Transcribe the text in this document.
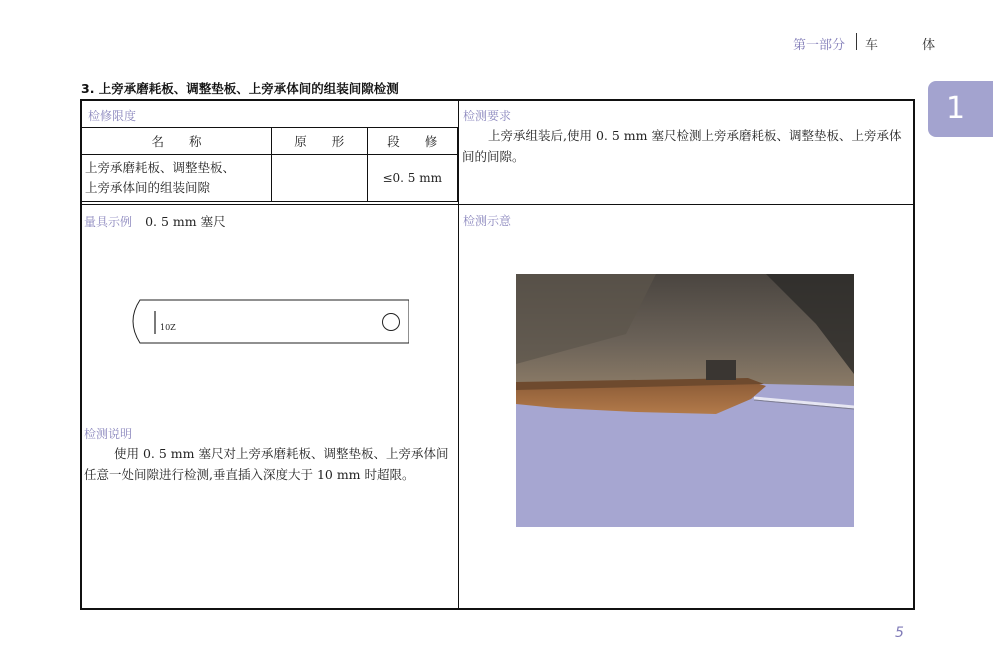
第一部分 车 体
1
3. 上旁承磨耗板、调整垫板、上旁承体间的组装间隙检测
检修限度
名　　称	原　　形	段　　修

上旁承磨耗板、调整垫板、
上旁承体间的组装间隙		≤0. 5 mm
检测要求
上旁承组装后,使用 0. 5 mm 塞尺检测上旁承磨耗板、调整垫板、上旁承体间的间隙。
量具示例 0. 5 mm 塞尺
10Z
检测说明
使用 0. 5 mm 塞尺对上旁承磨耗板、调整垫板、上旁承体间任意一处间隙进行检测,垂直插入深度大于 10 mm 时超限。
检测示意
5
